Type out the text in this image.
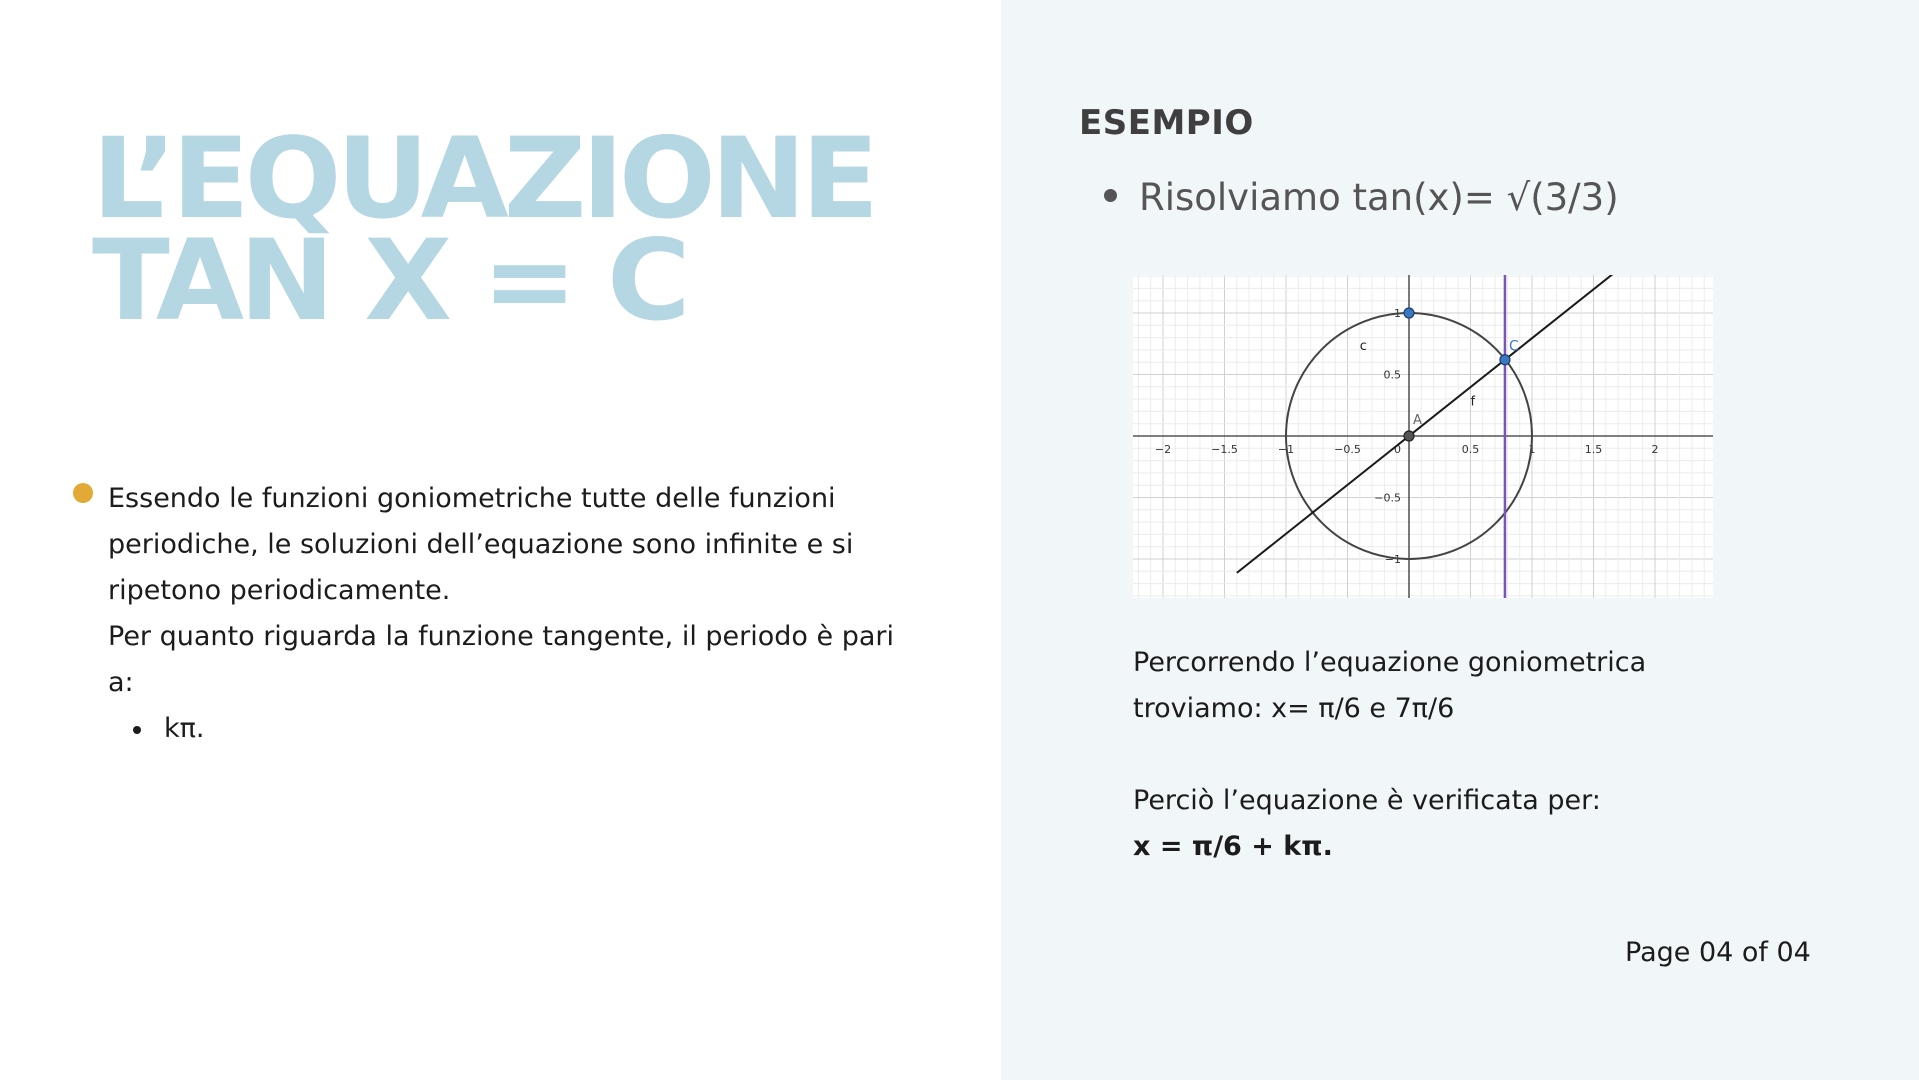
L’EQUAZIONE
TAN X = C

Essendo le funzioni goniometriche tutte delle funzioni periodiche, le soluzioni dell’equazione sono infinite e si ripetono periodicamente.

Per quanto riguarda la funzione tangente, il periodo è pari a:

kπ.

ESEMPIO
Risolviamo tan(x)= √(3/3)
−2	−1.5	−1	−0.5	0.5	1	1.5	2
0
−1
−0.5
0.5
1
c
f
A
C

Percorrendo l’equazione goniometrica

troviamo: x= π/6 e 7π/6

Perciò l’equazione è verificata per:

x = π/6 + kπ.

Page 04 of 04
